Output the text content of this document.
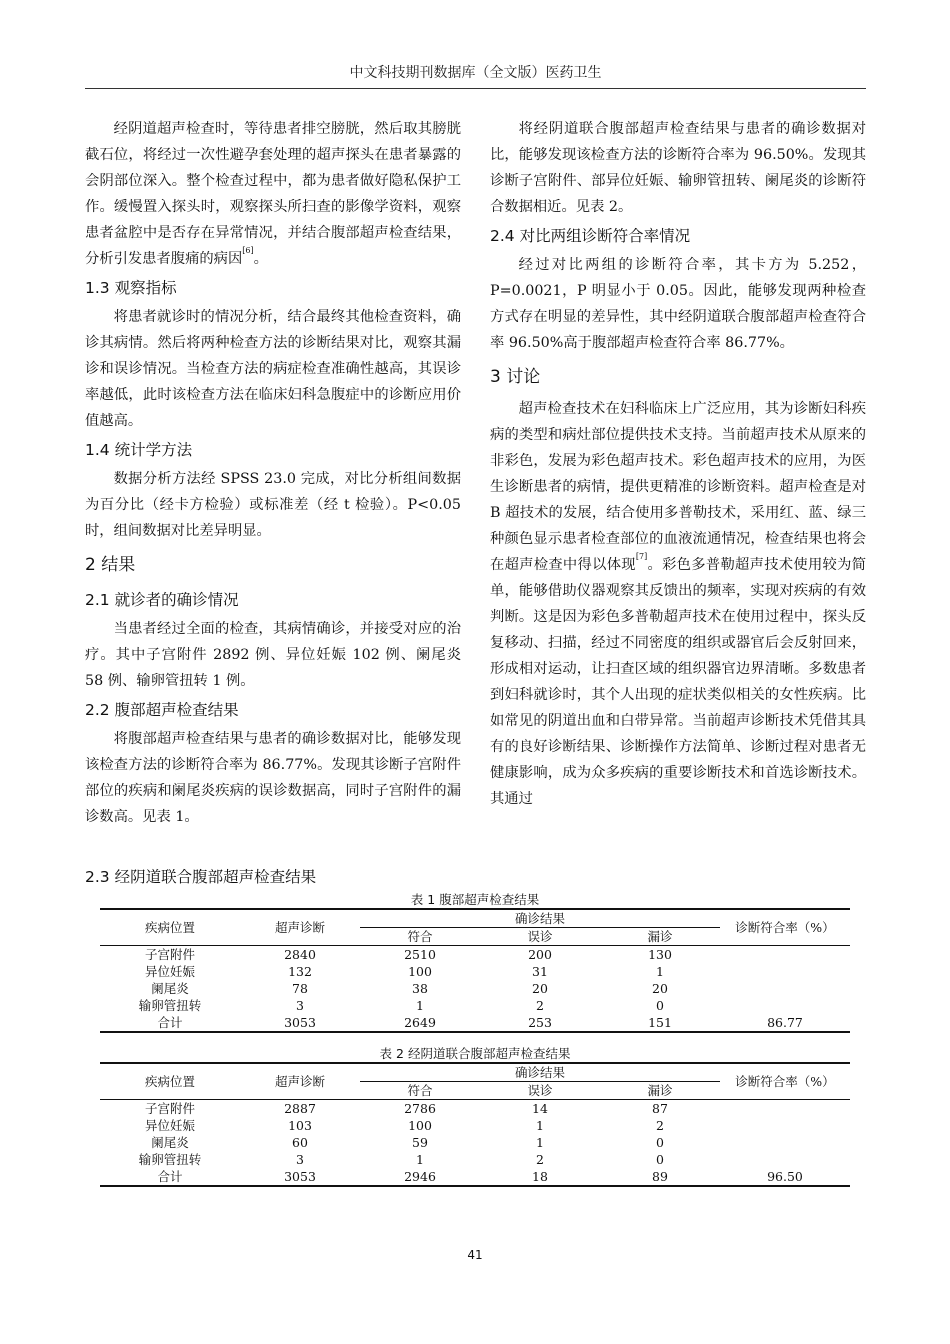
中文科技期刊数据库（全文版）医药卫生

经阴道超声检查时，等待患者排空膀胱，然后取其膀胱截石位，将经过一次性避孕套处理的超声探头在患者暴露的会阴部位深入。整个检查过程中，都为患者做好隐私保护工作。缓慢置入探头时，观察探头所扫查的影像学资料，观察患者盆腔中是否存在异常情况，并结合腹部超声检查结果，分析引发患者腹痛的病因[6]。

1.3 观察指标

将患者就诊时的情况分析，结合最终其他检查资料，确诊其病情。然后将两种检查方法的诊断结果对比，观察其漏诊和误诊情况。当检查方法的病症检查准确性越高，其误诊率越低，此时该检查方法在临床妇科急腹症中的诊断应用价值越高。

1.4 统计学方法

数据分析方法经 SPSS 23.0 完成，对比分析组间数据为百分比（经卡方检验）或标准差（经 t 检验）。P<0.05 时，组间数据对比差异明显。

2 结果
2.1 就诊者的确诊情况

当患者经过全面的检查，其病情确诊，并接受对应的治疗。其中子宫附件 2892 例、异位妊娠 102 例、阑尾炎 58 例、输卵管扭转 1 例。

2.2 腹部超声检查结果

将腹部超声检查结果与患者的确诊数据对比，能够发现该检查方法的诊断符合率为 86.77%。发现其诊断子宫附件部位的疾病和阑尾炎疾病的误诊数据高，同时子宫附件的漏诊数高。见表 1。

2.3 经阴道联合腹部超声检查结果

将经阴道联合腹部超声检查结果与患者的确诊数据对比，能够发现该检查方法的诊断符合率为 96.50%。发现其诊断子宫附件、部异位妊娠、输卵管扭转、阑尾炎的诊断符合数据相近。见表 2。

2.4 对比两组诊断符合率情况

经过对比两组的诊断符合率，其卡方为 5.252，P=0.0021，P 明显小于 0.05。因此，能够发现两种检查方式存在明显的差异性，其中经阴道联合腹部超声检查符合率 96.50%高于腹部超声检查符合率 86.77%。

3 讨论

超声检查技术在妇科临床上广泛应用，其为诊断妇科疾病的类型和病灶部位提供技术支持。当前超声技术从原来的非彩色，发展为彩色超声技术。彩色超声技术的应用，为医生诊断患者的病情，提供更精准的诊断资料。超声检查是对 B 超技术的发展，结合使用多普勒技术，采用红、蓝、绿三种颜色显示患者检查部位的血液流通情况，检查结果也将会在超声检查中得以体现[7]。彩色多普勒超声技术使用较为简单，能够借助仪器观察其反馈出的频率，实现对疾病的有效判断。这是因为彩色多普勒超声技术在使用过程中，探头反复移动、扫描，经过不同密度的组织或器官后会反射回来，形成相对运动，让扫查区域的组织器官边界清晰。多数患者到妇科就诊时，其个人出现的症状类似相关的女性疾病。比如常见的阴道出血和白带异常。当前超声诊断技术凭借其具有的良好诊断结果、诊断操作方法简单、诊断过程对患者无健康影响，成为众多疾病的重要诊断技术和首选诊断技术。其通过

表 1 腹部超声检查结果
疾病位置	超声诊断	确诊结果			诊断符合率（%）
		符合	误诊	漏诊	
子宫附件	2840	2510	200	130	
异位妊娠	132	100	31	1	
阑尾炎	78	38	20	20	
输卵管扭转	3	1	2	0	
合计	3053	2649	253	151	86.77
表 2 经阴道联合腹部超声检查结果
疾病位置	超声诊断	确诊结果			诊断符合率（%）
		符合	误诊	漏诊	
子宫附件	2887	2786	14	87	
异位妊娠	103	100	1	2	
阑尾炎	60	59	1	0	
输卵管扭转	3	1	2	0	
合计	3053	2946	18	89	96.50
41
